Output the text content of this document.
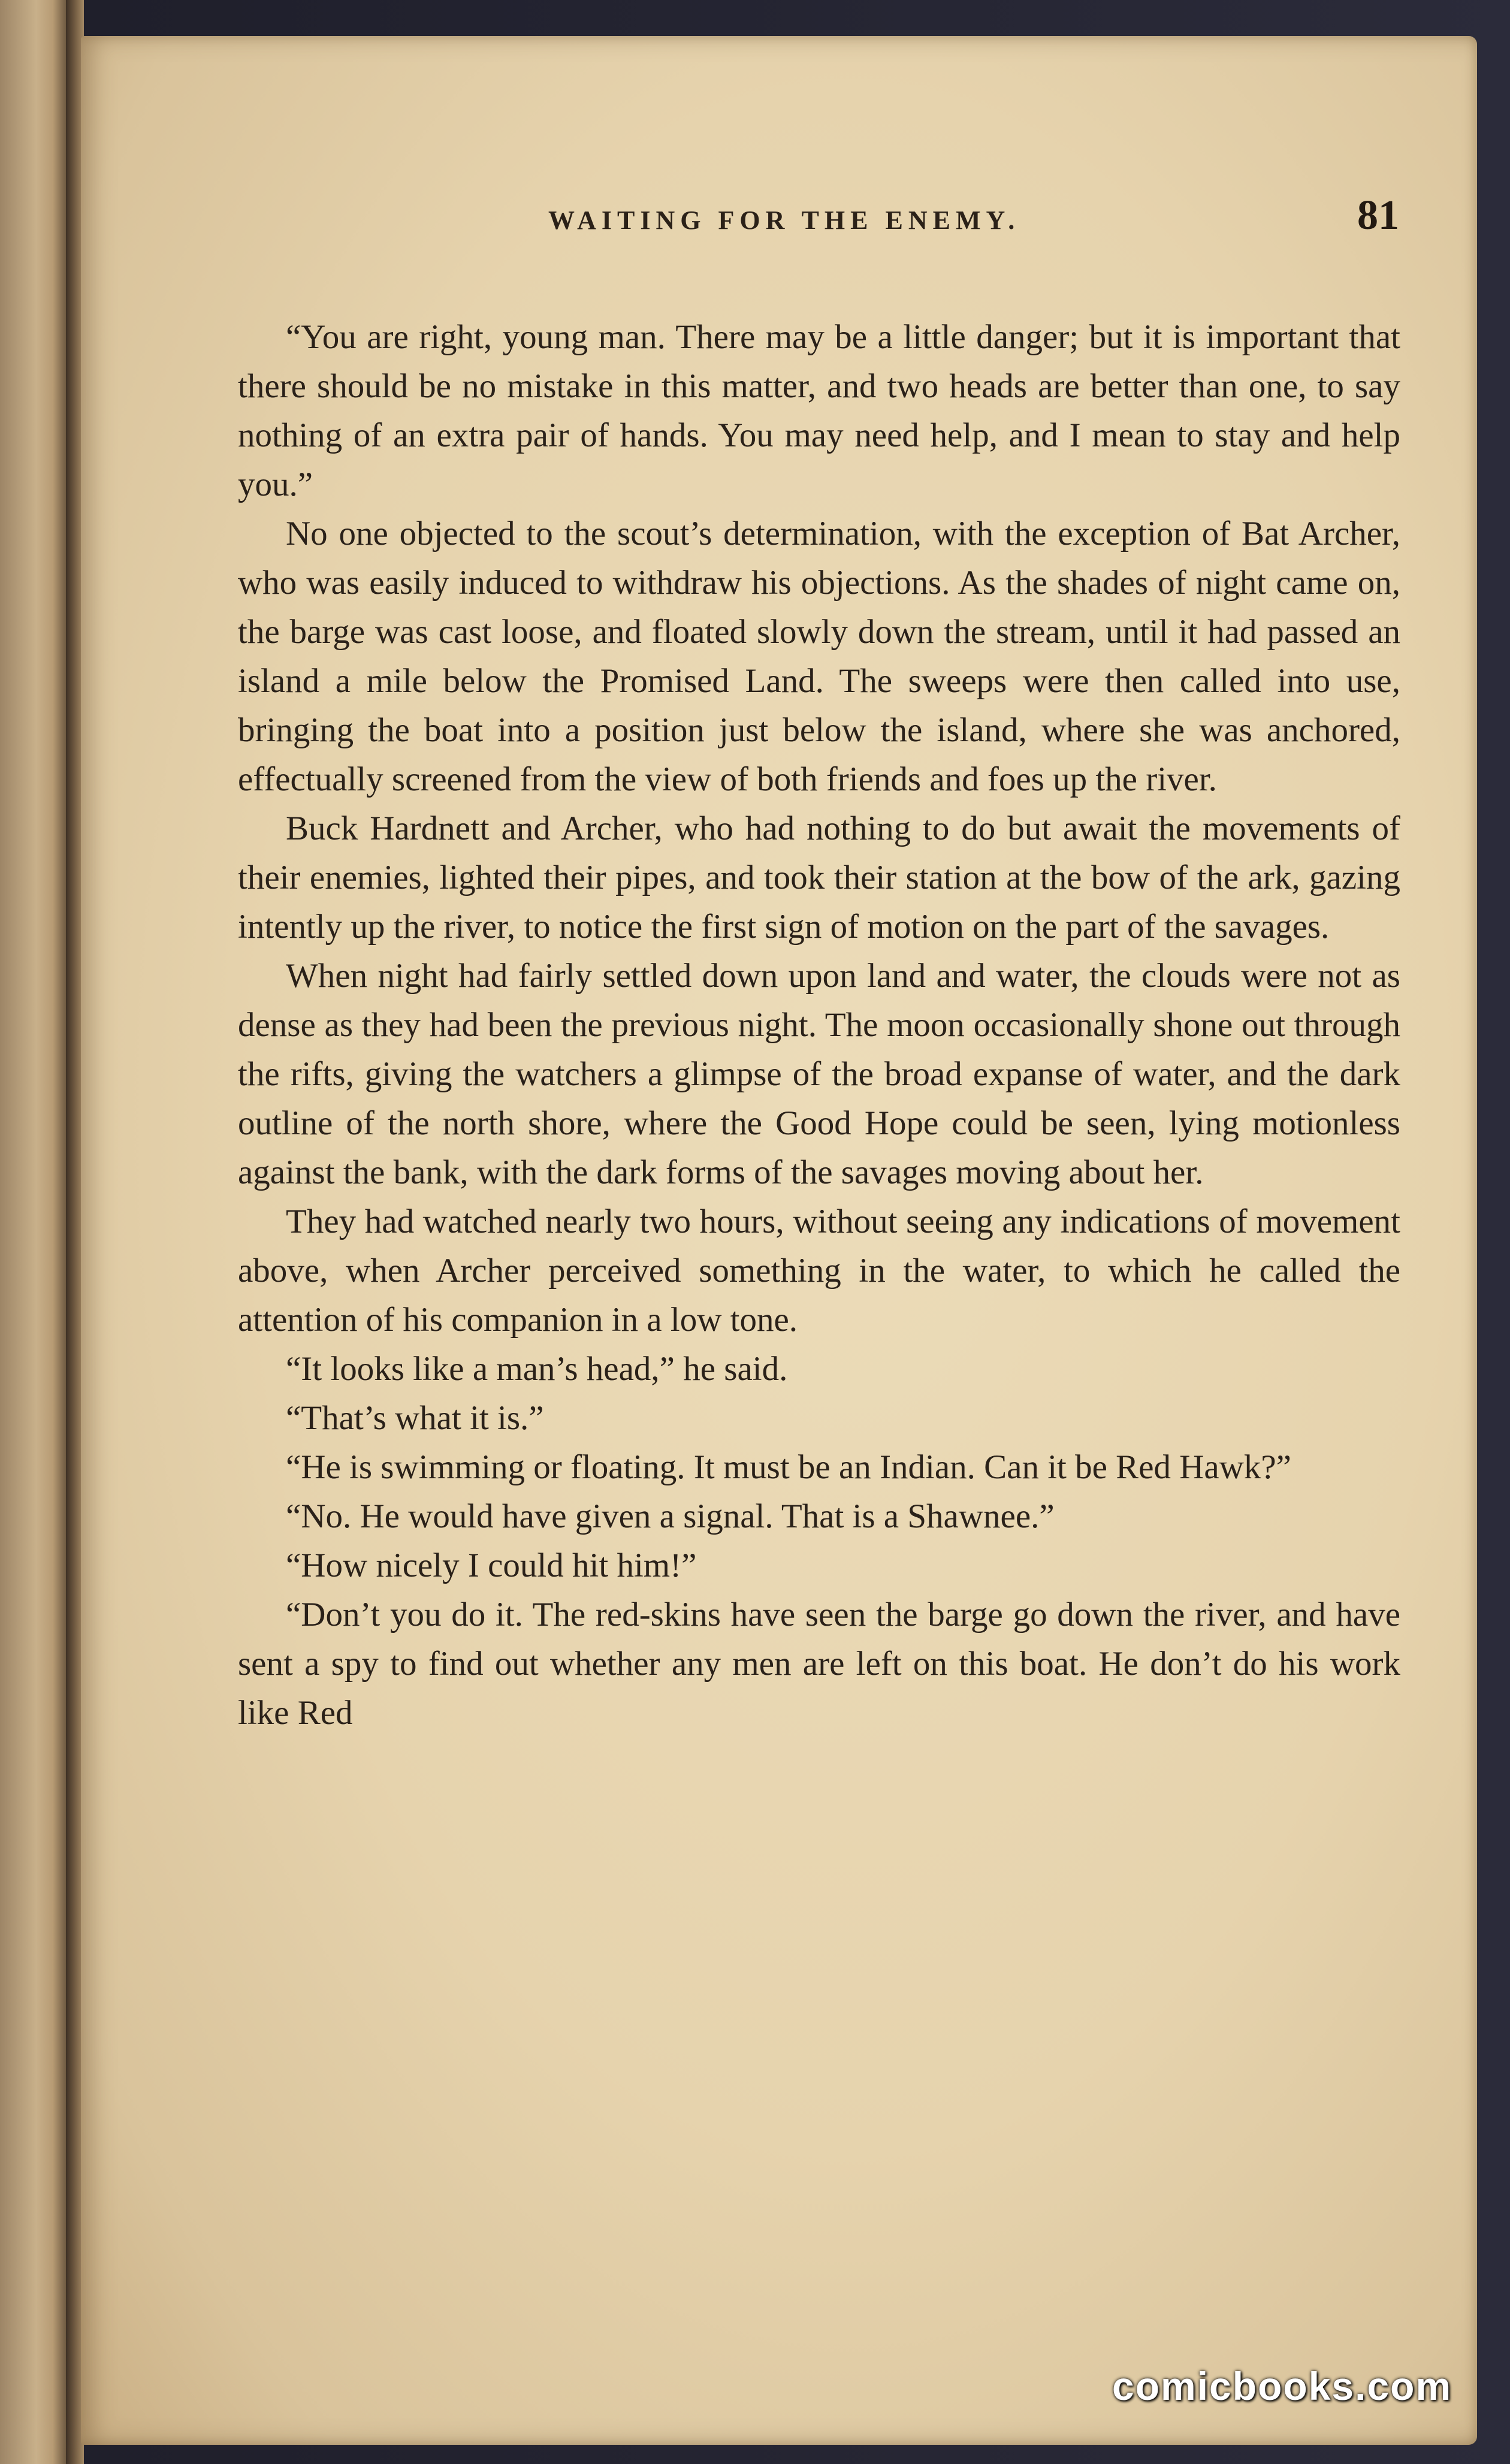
WAITING FOR THE ENEMY.	81

“You are right, young man. There may be a little danger; but it is important that there should be no mistake in this matter, and two heads are better than one, to say nothing of an extra pair of hands. You may need help, and I mean to stay and help you.”

No one objected to the scout’s determination, with the exception of Bat Archer, who was easily induced to withdraw his objections. As the shades of night came on, the barge was cast loose, and floated slowly down the stream, until it had passed an island a mile below the Promised Land. The sweeps were then called into use, bringing the boat into a position just below the island, where she was anchored, effectually screened from the view of both friends and foes up the river.

Buck Hardnett and Archer, who had nothing to do but await the movements of their enemies, lighted their pipes, and took their station at the bow of the ark, gazing intently up the river, to notice the first sign of motion on the part of the savages.

When night had fairly settled down upon land and water, the clouds were not as dense as they had been the previous night. The moon occasionally shone out through the rifts, giving the watchers a glimpse of the broad expanse of water, and the dark outline of the north shore, where the Good Hope could be seen, lying motionless against the bank, with the dark forms of the savages moving about her.

They had watched nearly two hours, without seeing any indications of movement above, when Archer perceived something in the water, to which he called the attention of his companion in a low tone.

“It looks like a man’s head,” he said.

“That’s what it is.”

“He is swimming or floating. It must be an Indian. Can it be Red Hawk?”

“No. He would have given a signal. That is a Shawnee.”

“How nicely I could hit him!”

“Don’t you do it. The red-skins have seen the barge go down the river, and have sent a spy to find out whether any men are left on this boat. He don’t do his work like Red

comicbooks.com
